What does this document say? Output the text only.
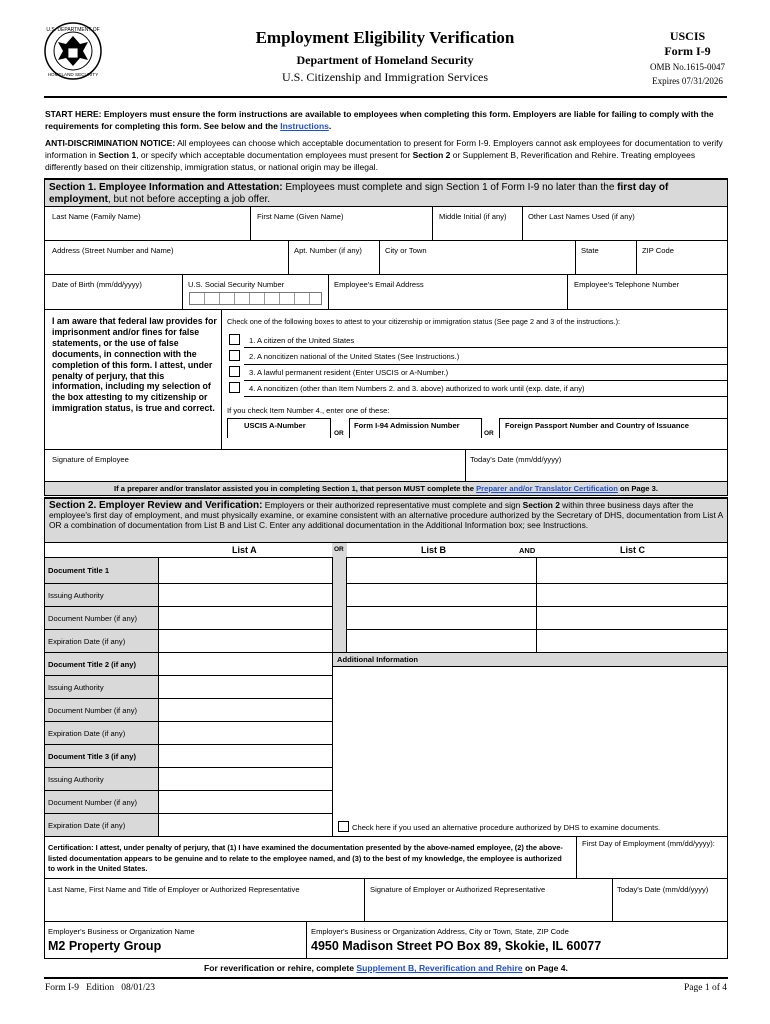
U.S. DEPARTMENT OF
HOMELAND SECURITY
Employment Eligibility Verification
Department of Homeland Security
U.S. Citizenship and Immigration Services
USCIS
Form I-9
OMB No.1615-0047
Expires 07/31/2026
START HERE: Employers must ensure the form instructions are available to employees when completing this form. Employers are liable for failing to comply with the requirements for completing this form. See below and the Instructions.
ANTI-DISCRIMINATION NOTICE: All employees can choose which acceptable documentation to present for Form I-9. Employers cannot ask employees for documentation to verify information in Section 1, or specify which acceptable documentation employees must present for Section 2 or Supplement B, Reverification and Rehire. Treating employees differently based on their citizenship, immigration status, or national origin may be illegal.
Section 1. Employee Information and Attestation: Employees must complete and sign Section 1 of Form I-9 no later than the first day of employment, but not before accepting a job offer.
Last Name (Family Name)	First Name (Given Name)	Middle Initial (if any)	Other Last Names Used (if any)
Address (Street Number and Name)	Apt. Number (if any)	City or Town	State	ZIP Code
Date of Birth (mm/dd/yyyy)	U.S. Social Security Number	Employee's Email Address	Employee's Telephone Number
I am aware that federal law provides for imprisonment and/or fines for false statements, or the use of false documents, in connection with the completion of this form. I attest, under penalty of perjury, that this information, including my selection of the box attesting to my citizenship or immigration status, is true and correct.
Check one of the following boxes to attest to your citizenship or immigration status (See page 2 and 3 of the instructions.):
1. A citizen of the United States
2. A noncitizen national of the United States (See Instructions.)
3. A lawful permanent resident (Enter USCIS or A-Number.)
4. A noncitizen (other than Item Numbers 2. and 3. above) authorized to work until (exp. date, if any)
If you check Item Number 4., enter one of these:
USCIS A-Number
OR
Form I-94 Admission Number
OR
Foreign Passport Number and Country of Issuance
Signature of Employee	Today's Date (mm/dd/yyyy)
If a preparer and/or translator assisted you in completing Section 1, that person MUST complete the Preparer and/or Translator Certification on Page 3.
Section 2. Employer Review and Verification: Employers or their authorized representative must complete and sign Section 2 within three business days after the employee's first day of employment, and must physically examine, or examine consistent with an alternative procedure authorized by the Secretary of DHS, documentation from List A OR a combination of documentation from List B and List C. Enter any additional documentation in the Additional Information box; see Instructions.
List A	OR	List B	AND	List C
Document Title 1
Issuing Authority
Document Number (if any)
Expiration Date (if any)
Document Title 2 (if any)
Issuing Authority
Document Number (if any)
Expiration Date (if any)
Document Title 3 (if any)
Issuing Authority
Document Number (if any)
Expiration Date (if any)
Additional Information
Check here if you used an alternative procedure authorized by DHS to examine documents.
Certification: I attest, under penalty of perjury, that (1) I have examined the documentation presented by the above-named employee, (2) the above-listed documentation appears to be genuine and to relate to the employee named, and (3) to the best of my knowledge, the employee is authorized to work in the United States.
First Day of Employment (mm/dd/yyyy):
Last Name, First Name and Title of Employer or Authorized Representative	Signature of Employer or Authorized Representative	Today's Date (mm/dd/yyyy)
Employer's Business or Organization Name
M2 Property Group
Employer's Business or Organization Address, City or Town, State, ZIP Code
4950 Madison Street PO Box 89, Skokie, IL 60077
For reverification or rehire, complete Supplement B, Reverification and Rehire on Page 4.
Form I-9   Edition   08/01/23	Page 1 of 4
